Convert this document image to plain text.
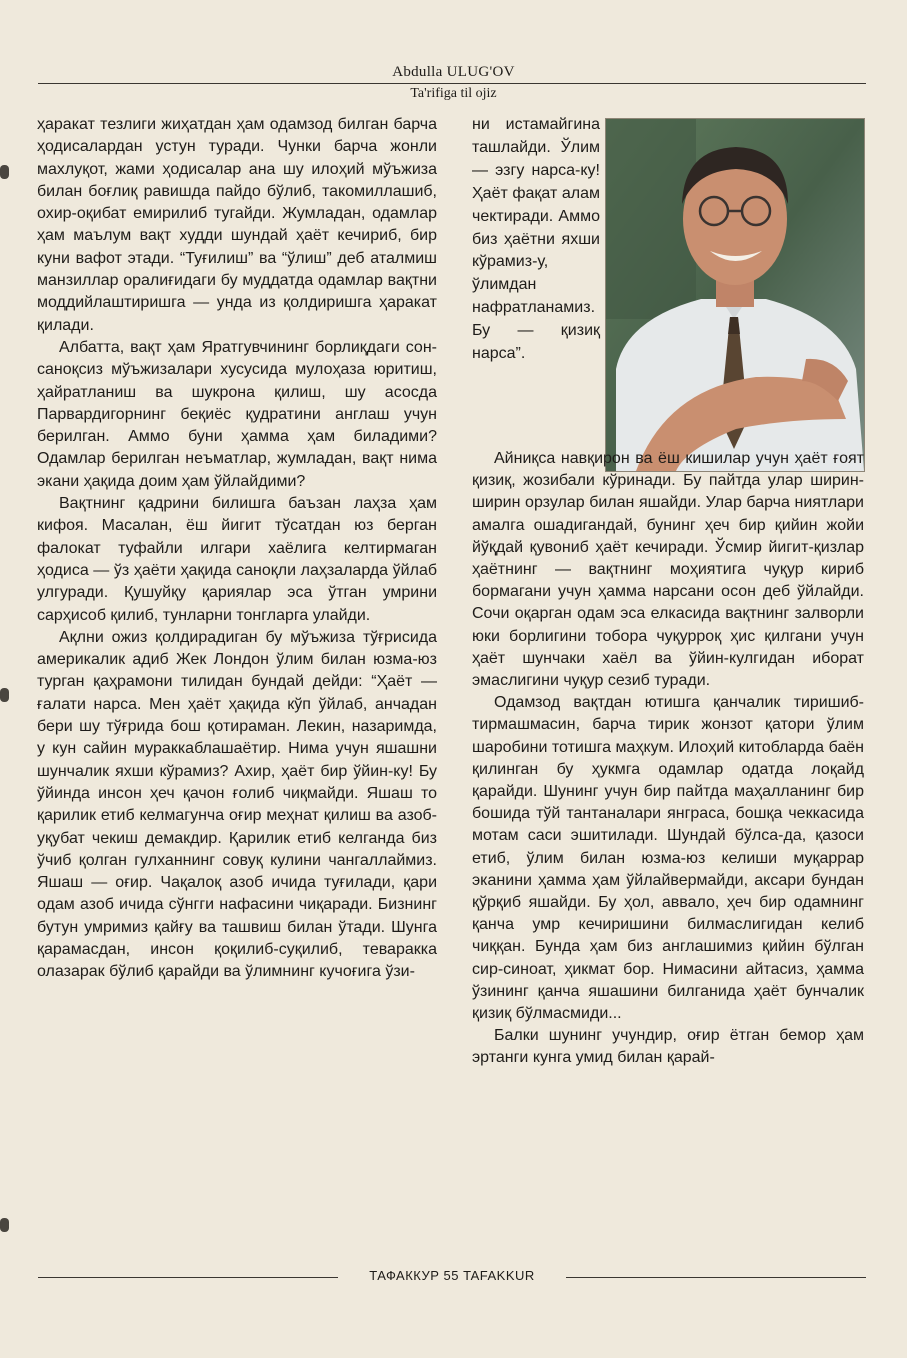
Abdulla ULUG'OV
Ta'rifiga til ojiz

ҳаракат тезлиги жиҳатдан ҳам одамзод билган барча ҳодисалардан устун туради. Чунки барча жонли махлуқот, жами ҳодисалар ана шу илоҳий мўъжиза билан боғлиқ равишда пайдо бўлиб, такомиллашиб, охир-оқибат емирилиб тугайди. Жумладан, одамлар ҳам маълум вақт худди шундай ҳаёт кечириб, бир куни вафот этади. “Туғилиш” ва “ўлиш” деб аталмиш манзиллар оралиғидаги бу муддатда одамлар вақтни моддийлаштиришга — унда из қолдиришга ҳаракат қилади.

Албатта, вақт ҳам Яратгувчининг борлиқдаги сон-саноқсиз мўъжизалари хусусида мулоҳаза юритиш, ҳайратланиш ва шукрона қилиш, шу асосда Парвардигорнинг беқиёс қудратини англаш учун берилган. Аммо буни ҳамма ҳам биладими? Одамлар берилган неъматлар, жумладан, вақт нима экани ҳақида доим ҳам ўйлайдими?

Вақтнинг қадрини билишга баъзан лаҳза ҳам кифоя. Масалан, ёш йигит тўсатдан юз берган фалокат туфайли илгари хаёлига келтирмаган ҳодиса — ўз ҳаёти ҳақида саноқли лаҳзаларда ўйлаб улгуради. Қушуйқу қариялар эса ўтган умрини сарҳисоб қилиб, тунларни тонгларга улайди.

Ақлни ожиз қолдирадиган бу мўъжиза тўғрисида америкалик адиб Жек Лондон ўлим билан юзма-юз турган қаҳрамони тилидан бундай дейди: “Ҳаёт — ғалати нарса. Мен ҳаёт ҳақида кўп ўйлаб, анчадан бери шу тўғрида бош қотираман. Лекин, назаримда, у кун сайин мураккаблашаётир. Нима учун яшашни шунчалик яхши кўрамиз? Ахир, ҳаёт бир ўйин-ку! Бу ўйинда инсон ҳеч қачон ғолиб чиқмайди. Яшаш то қарилик етиб келмагунча оғир меҳнат қилиш ва азоб-уқубат чекиш демакдир. Қарилик етиб келганда биз ўчиб қолган гулханнинг совуқ кулини чангаллаймиз. Яшаш — оғир. Чақалоқ азоб ичида туғилади, қари одам азоб ичида сўнгги нафасини чиқаради. Бизнинг бутун умримиз қайғу ва ташвиш билан ўтади. Шунга қарамасдан, инсон қоқилиб-суқилиб, теваракка олазарак бўлиб қарайди ва ўлимнинг кучоғига ўзи-

ни истамайгина ташлайди. Ўлим — эзгу нарса-ку! Ҳаёт фақат алам чектиради. Аммо биз ҳаётни яхши кўрамиз-у, ўлимдан нафратланамиз. Бу — қизиқ нарса”.

Айниқса навқирон ва ёш кишилар учун ҳаёт ғоят қизиқ, жозибали кўринади. Бу пайтда улар ширин-ширин орзулар билан яшайди. Улар барча ниятлари амалга ошадигандай, бунинг ҳеч бир қийин жойи йўқдай қувониб ҳаёт кечиради. Ўсмир йигит-қизлар ҳаётнинг — вақтнинг моҳиятига чуқур кириб бормагани учун ҳамма нарсани осон деб ўйлайди. Сочи оқарган одам эса елкасида вақтнинг залворли юки борлигини тобора чуқурроқ ҳис қилгани учун ҳаёт шунчаки хаёл ва ўйин-кулгидан иборат эмаслигини чуқур сезиб туради.

Одамзод вақтдан ютишга қанчалик тиришиб-тирмашмасин, барча тирик жонзот қатори ўлим шаробини тотишга маҳкум. Илоҳий китобларда баён қилинган бу ҳукмга одамлар одатда лоқайд қарайди. Шунинг учун бир пайтда маҳалланинг бир бошида тўй тантаналари янграса, бошқа чеккасида мотам саси эшитилади. Шундай бўлса-да, қазоси етиб, ўлим билан юзма-юз келиши муқаррар эканини ҳамма ҳам ўйлайвермайди, аксари бундан қўрқиб яшайди. Бу ҳол, аввало, ҳеч бир одамнинг қанча умр кечиришини билмаслигидан келиб чиққан. Бунда ҳам биз англашимиз қийин бўлган сир-синоат, ҳикмат бор. Нимасини айтасиз, ҳамма ўзининг қанча яшашини билганида ҳаёт бунчалик қизиқ бўлмасмиди...

Балки шунинг учундир, оғир ётган бемор ҳам эртанги кунга умид билан қарай-

ТАФАККУР 55 TAFAKKUR
